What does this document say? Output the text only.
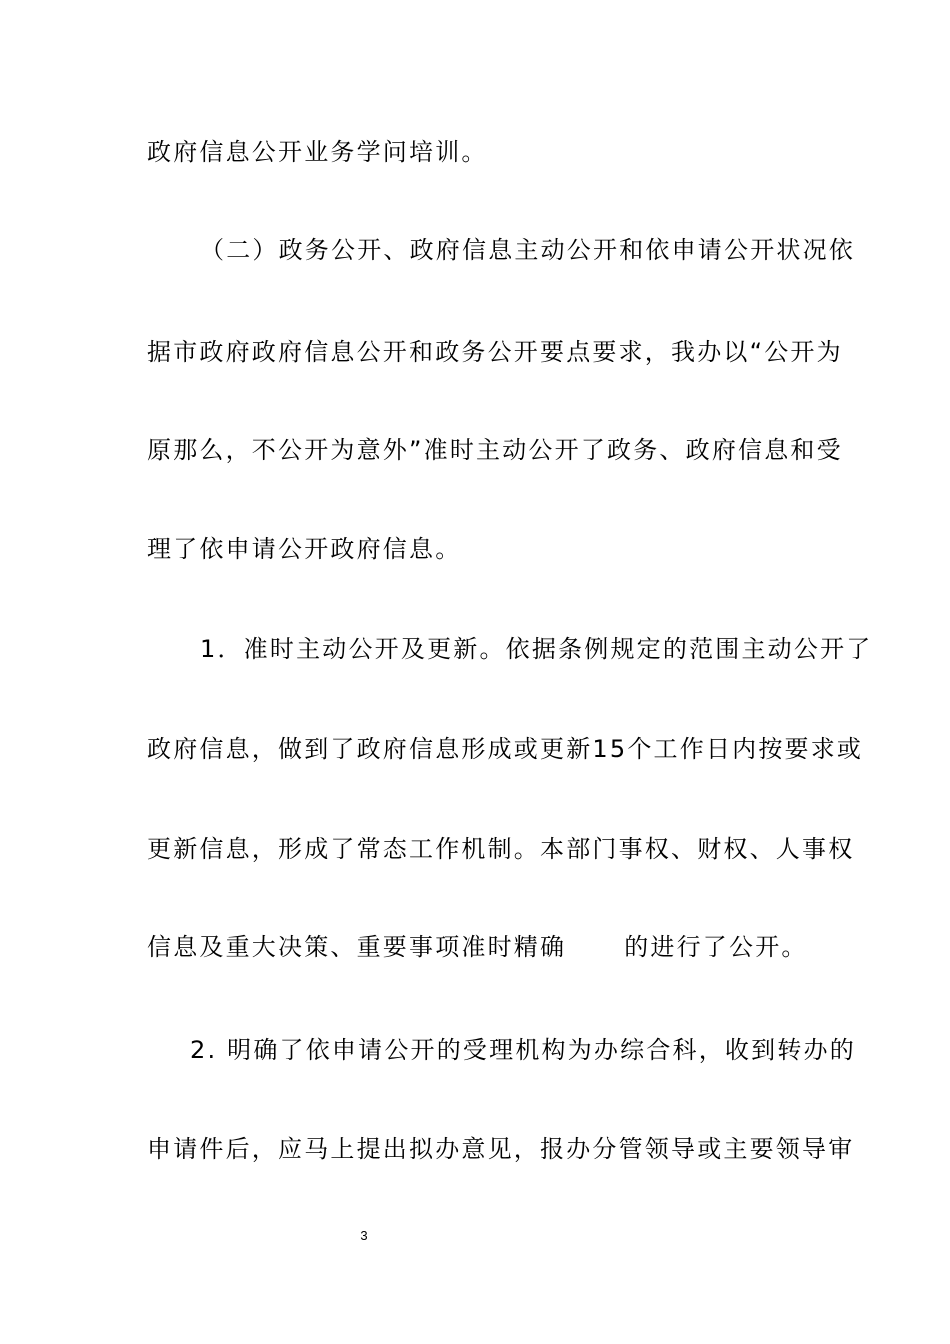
政府信息公开业务学问培训。
（二）政务公开、政府信息主动公开和依申请公开状况依
据市政府政府信息公开和政务公开要点要求，我办以“公开为
原那么，不公开为意外”准时主动公开了政务、政府信息和受
理了依申请公开政府信息。
1．准时主动公开及更新。依据条例规定的范围主动公开了
政府信息，做到了政府信息形成或更新15个工作日内按要求或
更新信息，形成了常态工作机制。本部门事权、财权、人事权
信息及重大决策、重要事项准时精确 的进行了公开。
2. 明确了依申请公开的受理机构为办综合科，收到转办的
申请件后，应马上提出拟办意见，报办分管领导或主要领导审
3
